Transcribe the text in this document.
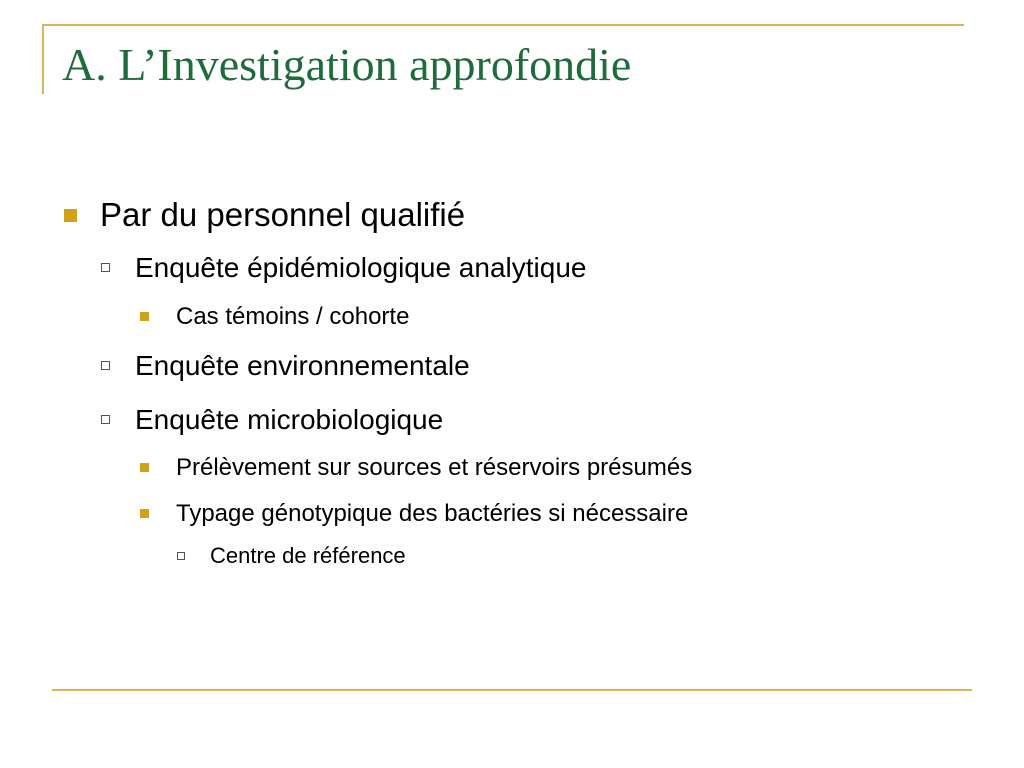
A. L’Investigation approfondie
Par du personnel qualifié
Enquête épidémiologique analytique
Cas témoins / cohorte
Enquête environnementale
Enquête microbiologique
Prélèvement sur sources et réservoirs présumés
Typage génotypique des bactéries si nécessaire
Centre de référence
